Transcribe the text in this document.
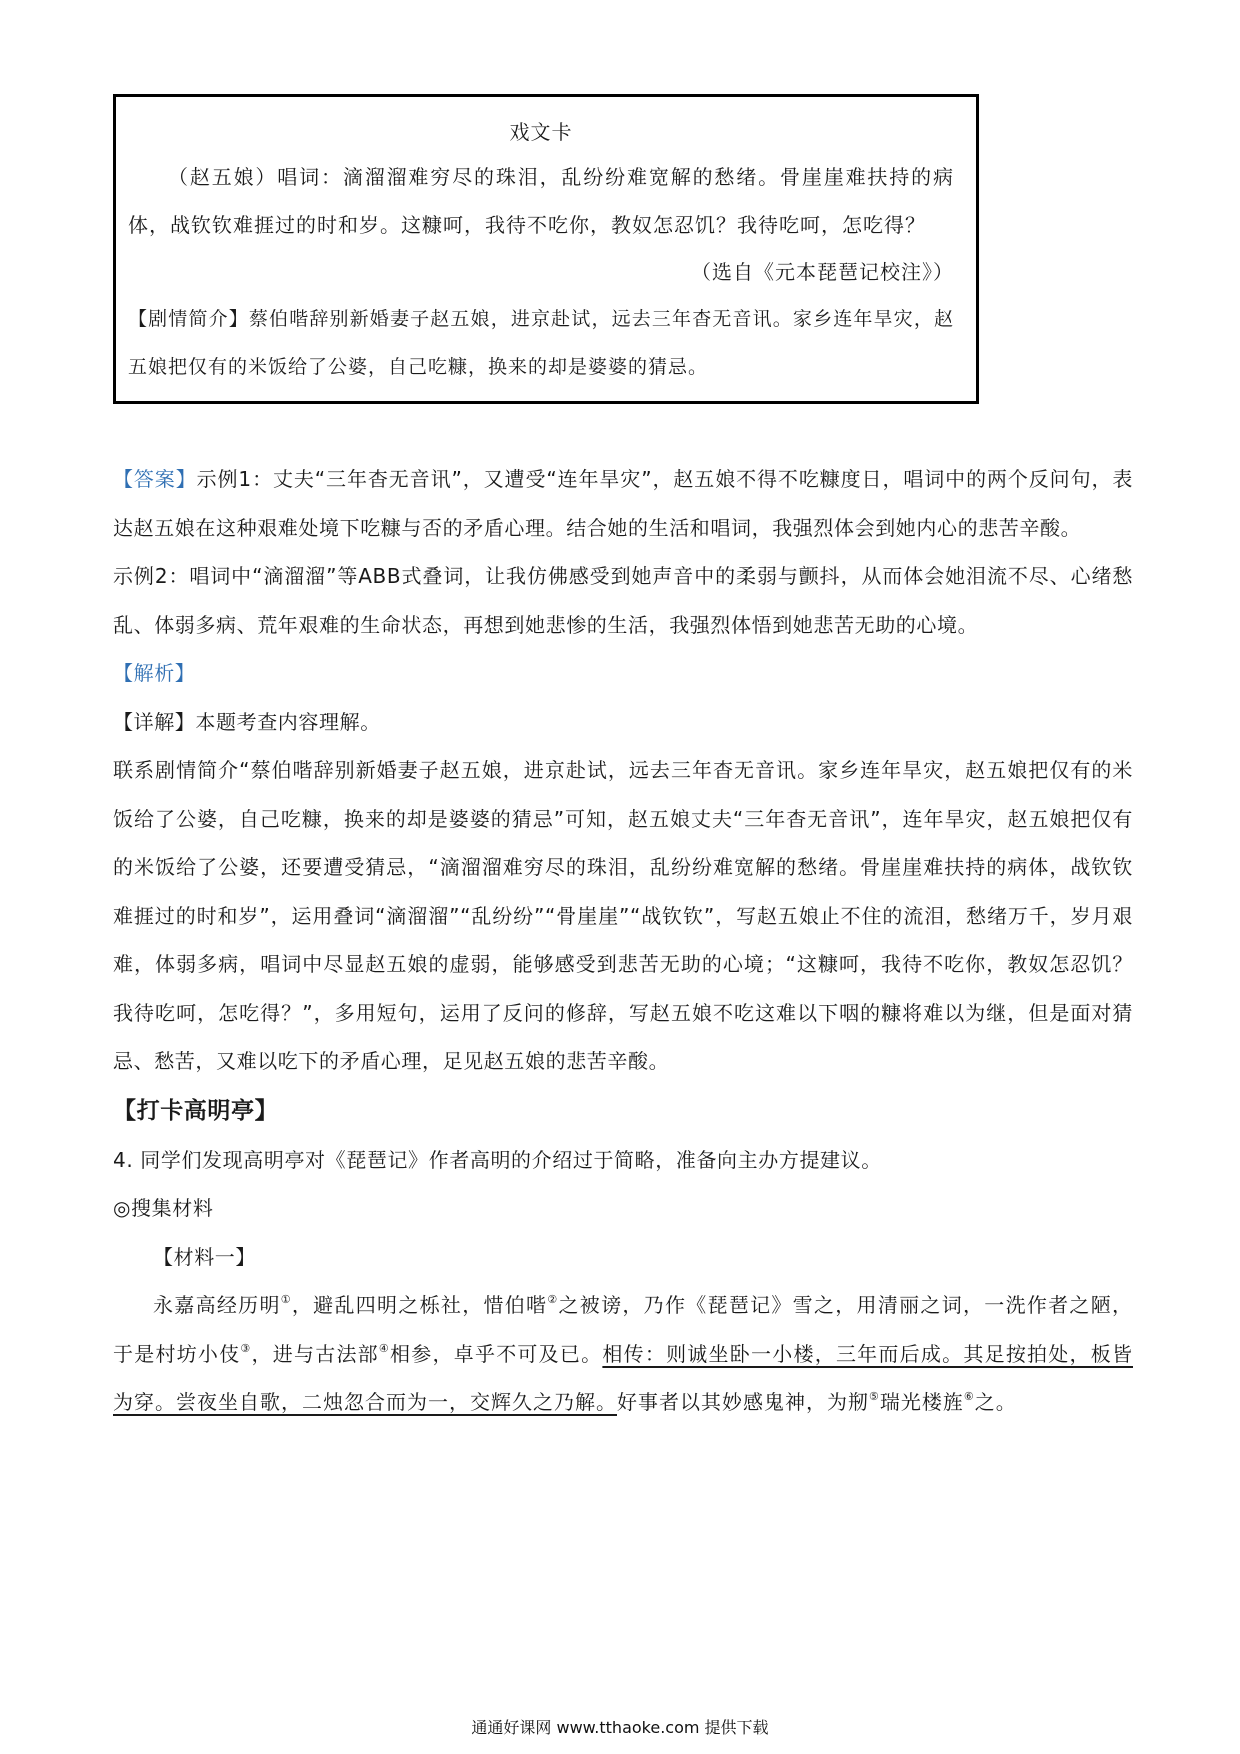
戏文卡

（赵五娘）唱词：滴溜溜难穷尽的珠泪，乱纷纷难宽解的愁绪。骨崖崖难扶持的病体，战钦钦难捱过的时和岁。这糠呵，我待不吃你，教奴怎忍饥？我待吃呵，怎吃得？

（选自《元本琵琶记校注》）

【剧情简介】蔡伯喈辞别新婚妻子赵五娘，进京赴试，远去三年杳无音讯。家乡连年旱灾，赵五娘把仅有的米饭给了公婆，自己吃糠，换来的却是婆婆的猜忌。

【答案】示例1：丈夫“三年杳无音讯”，又遭受“连年旱灾”，赵五娘不得不吃糠度日，唱词中的两个反问句，表达赵五娘在这种艰难处境下吃糠与否的矛盾心理。结合她的生活和唱词，我强烈体会到她内心的悲苦辛酸。

示例2：唱词中“滴溜溜”等ABB式叠词，让我仿佛感受到她声音中的柔弱与颤抖，从而体会她泪流不尽、心绪愁乱、体弱多病、荒年艰难的生命状态，再想到她悲惨的生活，我强烈体悟到她悲苦无助的心境。

【解析】

【详解】本题考查内容理解。

联系剧情简介“蔡伯喈辞别新婚妻子赵五娘，进京赴试，远去三年杳无音讯。家乡连年旱灾，赵五娘把仅有的米饭给了公婆，自己吃糠，换来的却是婆婆的猜忌”可知，赵五娘丈夫“三年杳无音讯”，连年旱灾，赵五娘把仅有的米饭给了公婆，还要遭受猜忌，“滴溜溜难穷尽的珠泪，乱纷纷难宽解的愁绪。骨崖崖难扶持的病体，战钦钦难捱过的时和岁”，运用叠词“滴溜溜”“乱纷纷”“骨崖崖”“战钦钦”，写赵五娘止不住的流泪，愁绪万千，岁月艰难，体弱多病，唱词中尽显赵五娘的虚弱，能够感受到悲苦无助的心境；“这糠呵，我待不吃你，教奴怎忍饥？我待吃呵，怎吃得？”，多用短句，运用了反问的修辞，写赵五娘不吃这难以下咽的糠将难以为继，但是面对猜忌、愁苦，又难以吃下的矛盾心理，足见赵五娘的悲苦辛酸。

【打卡高明亭】

4. 同学们发现高明亭对《琵琶记》作者高明的介绍过于简略，准备向主办方提建议。

◎搜集材料

【材料一】

永嘉高经历明①，避乱四明之栎社，惜伯喈②之被谤，乃作《琵琶记》雪之，用清丽之词，一洗作者之陋，于是村坊小伎③，进与古法部④相参，卓乎不可及已。相传：则诚坐卧一小楼，三年而后成。其足按拍处，板皆为穿。尝夜坐自歌，二烛忽合而为一，交辉久之乃解。好事者以其妙感鬼神，为剏⑤瑞光楼旌⑥之。

通通好课网 www.tthaoke.com 提供下载
